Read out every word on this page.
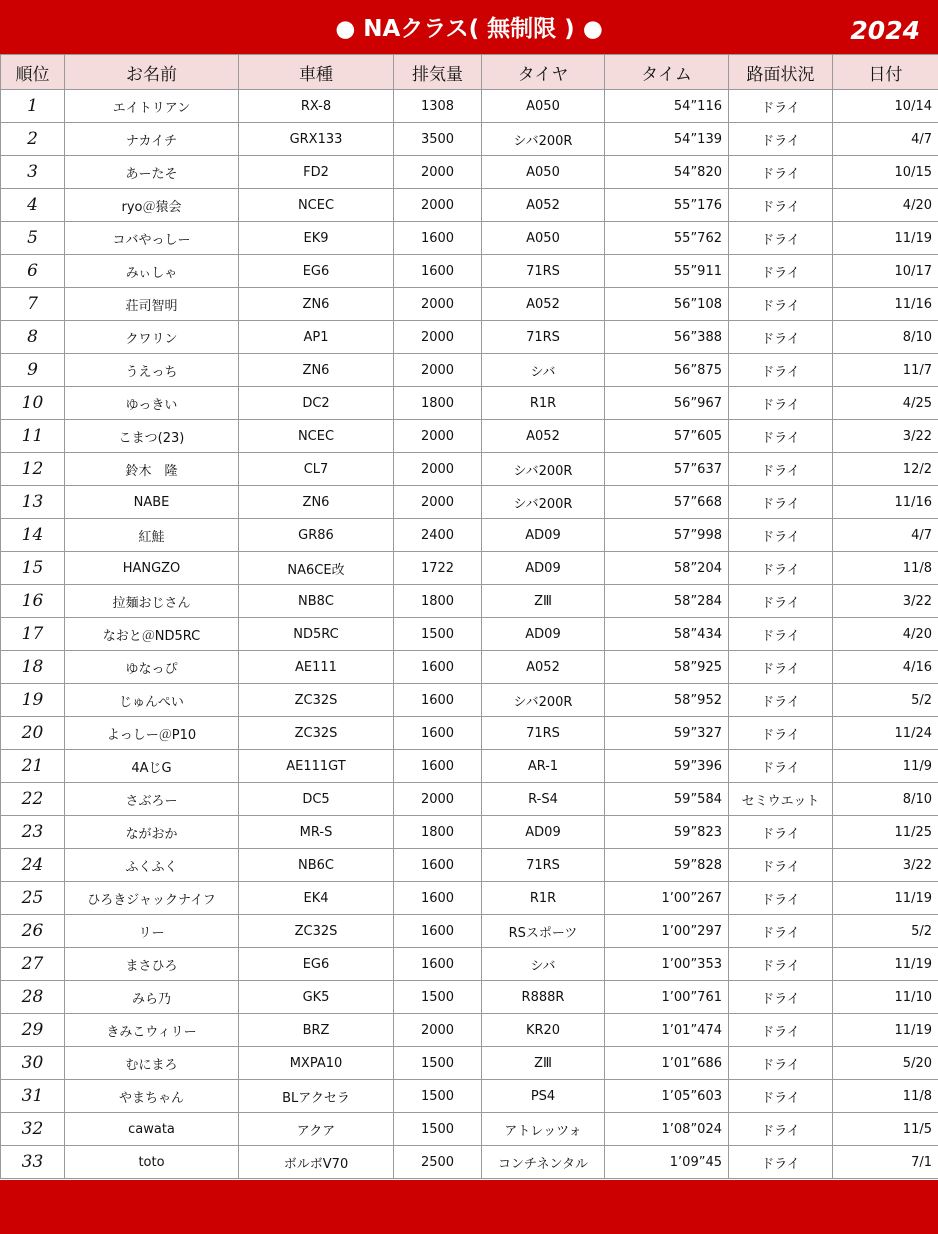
● NAクラス( 無制限 ) ●	2024
順位	お名前	車種	排気量	タイヤ	タイム	路面状況	日付
1	エイトリアン	RX-8	1308	A050	54”116	ドライ	10/14
2	ナカイチ	GRX133	3500	シバ200R	54”139	ドライ	4/7
3	あーたそ	FD2	2000	A050	54”820	ドライ	10/15
4	ryo＠猿会	NCEC	2000	A052	55”176	ドライ	4/20
5	コバやっしー	EK9	1600	A050	55”762	ドライ	11/19
6	みぃしゃ	EG6	1600	71RS	55”911	ドライ	10/17
7	荘司智明	ZN6	2000	A052	56”108	ドライ	11/16
8	クワリン	AP1	2000	71RS	56”388	ドライ	8/10
9	うえっち	ZN6	2000	シバ	56”875	ドライ	11/7
10	ゆっきい	DC2	1800	R1R	56”967	ドライ	4/25
11	こまつ(23)	NCEC	2000	A052	57”605	ドライ	3/22
12	鈴木　隆	CL7	2000	シバ200R	57”637	ドライ	12/2
13	NABE	ZN6	2000	シバ200R	57”668	ドライ	11/16
14	紅鮭	GR86	2400	AD09	57”998	ドライ	4/7
15	HANGZO	NA6CE改	1722	AD09	58”204	ドライ	11/8
16	拉麺おじさん	NB8C	1800	ZⅢ	58”284	ドライ	3/22
17	なおと＠ND5RC	ND5RC	1500	AD09	58”434	ドライ	4/20
18	ゆなっぴ	AE111	1600	A052	58”925	ドライ	4/16
19	じゅんぺい	ZC32S	1600	シバ200R	58”952	ドライ	5/2
20	よっしー＠P10	ZC32S	1600	71RS	59”327	ドライ	11/24
21	4AじG	AE111GT	1600	AR-1	59”396	ドライ	11/9
22	さぶろー	DC5	2000	R-S4	59”584	セミウエット	8/10
23	ながおか	MR-S	1800	AD09	59”823	ドライ	11/25
24	ふくふく	NB6C	1600	71RS	59”828	ドライ	3/22
25	ひろきジャックナイフ	EK4	1600	R1R	1’00”267	ドライ	11/19
26	リー	ZC32S	1600	RSスポーツ	1’00”297	ドライ	5/2
27	まさひろ	EG6	1600	シバ	1’00”353	ドライ	11/19
28	みら乃	GK5	1500	R888R	1’00”761	ドライ	11/10
29	きみこウィリー	BRZ	2000	KR20	1’01”474	ドライ	11/19
30	むにまろ	MXPA10	1500	ZⅢ	1’01”686	ドライ	5/20
31	やまちゃん	BLアクセラ	1500	PS4	1’05”603	ドライ	11/8
32	cawata	アクア	1500	アトレッツォ	1’08”024	ドライ	11/5
33	toto	ボルボV70	2500	コンチネンタル	1’09”45	ドライ	7/1
